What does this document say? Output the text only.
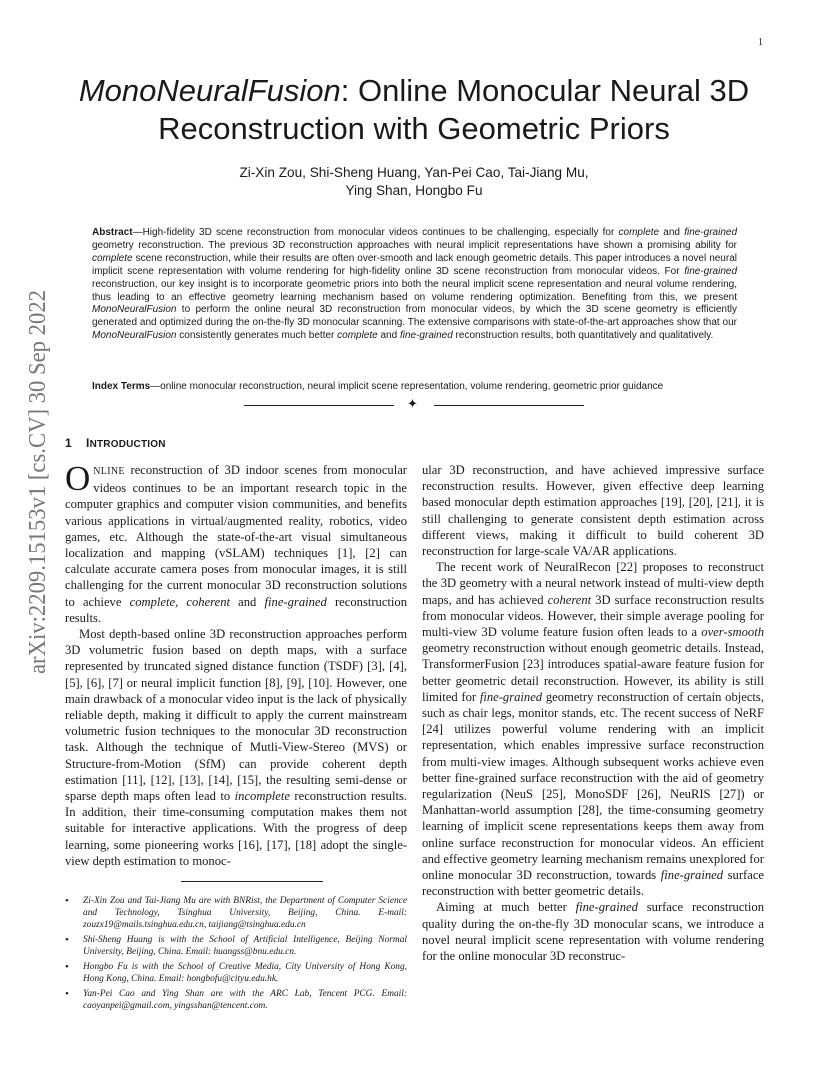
1
arXiv:2209.15153v1 [cs.CV] 30 Sep 2022
MonoNeuralFusion: Online Monocular Neural 3D Reconstruction with Geometric Priors
Zi-Xin Zou, Shi-Sheng Huang, Yan-Pei Cao, Tai-Jiang Mu,
Ying Shan, Hongbo Fu

Abstract—High-fidelity 3D scene reconstruction from monocular videos continues to be challenging, especially for complete and fine-grained geometry reconstruction. The previous 3D reconstruction approaches with neural implicit representations have shown a promising ability for complete scene reconstruction, while their results are often over-smooth and lack enough geometric details. This paper introduces a novel neural implicit scene representation with volume rendering for high-fidelity online 3D scene reconstruction from monocular videos. For fine-grained reconstruction, our key insight is to incorporate geometric priors into both the neural implicit scene representation and neural volume rendering, thus leading to an effective geometry learning mechanism based on volume rendering optimization. Benefiting from this, we present MonoNeuralFusion to perform the online neural 3D reconstruction from monocular videos, by which the 3D scene geometry is efficiently generated and optimized during the on-the-fly 3D monocular scanning. The extensive comparisons with state-of-the-art approaches show that our MonoNeuralFusion consistently generates much better complete and fine-grained reconstruction results, both quantitatively and qualitatively.

Index Terms—online monocular reconstruction, neural implicit scene representation, volume rendering, geometric prior guidance

✦
1 INTRODUCTION

ONLINE reconstruction of 3D indoor scenes from monocular videos continues to be an important research topic in the computer graphics and computer vision communities, and benefits various applications in virtual/augmented reality, robotics, video games, etc. Although the state-of-the-art visual simultaneous localization and mapping (vSLAM) techniques [1], [2] can calculate accurate camera poses from monocular images, it is still challenging for the current monocular 3D reconstruction solutions to achieve complete, coherent and fine-grained reconstruction results.

Most depth-based online 3D reconstruction approaches perform 3D volumetric fusion based on depth maps, with a surface represented by truncated signed distance function (TSDF) [3], [4], [5], [6], [7] or neural implicit function [8], [9], [10]. However, one main drawback of a monocular video input is the lack of physically reliable depth, making it difficult to apply the current mainstream volumetric fusion techniques to the monocular 3D reconstruction task. Although the technique of Mutli-View-Stereo (MVS) or Structure-from-Motion (SfM) can provide coherent depth estimation [11], [12], [13], [14], [15], the resulting semi-dense or sparse depth maps often lead to incomplete reconstruction results. In addition, their time-consuming computation makes them not suitable for interactive applications. With the progress of deep learning, some pioneering works [16], [17], [18] adopt the single-view depth estimation to monoc-

• Zi-Xin Zou and Tai-Jiang Mu are with BNRist, the Department of Computer Science and Technology, Tsinghua University, Beijing, China. E-mail: zouzx19@mails.tsinghua.edu.cn, taijiang@tsinghua.edu.cn
• Shi-Sheng Huang is with the School of Artificial Intelligence, Beijing Normal University, Beijing, China. Email: huangss@bnu.edu.cn.
• Hongbo Fu is with the School of Creative Media, City University of Hong Kong, Hong Kong, China. Email: hongbofu@cityu.edu.hk.
• Yan-Pei Cao and Ying Shan are with the ARC Lab, Tencent PCG. Email: caoyanpei@gmail.com, yingsshan@tencent.com.

ular 3D reconstruction, and have achieved impressive surface reconstruction results. However, given effective deep learning based monocular depth estimation approaches [19], [20], [21], it is still challenging to generate consistent depth estimation across different views, making it difficult to build coherent 3D reconstruction for large-scale VA/AR applications.

The recent work of NeuralRecon [22] proposes to reconstruct the 3D geometry with a neural network instead of multi-view depth maps, and has achieved coherent 3D surface reconstruction results from monocular videos. However, their simple average pooling for multi-view 3D volume feature fusion often leads to a over-smooth geometry reconstruction without enough geometric details. Instead, TransformerFusion [23] introduces spatial-aware feature fusion for better geometric detail reconstruction. However, its ability is still limited for fine-grained geometry reconstruction of certain objects, such as chair legs, monitor stands, etc. The recent success of NeRF [24] utilizes powerful volume rendering with an implicit representation, which enables impressive surface reconstruction from multi-view images. Although subsequent works achieve even better fine-grained surface reconstruction with the aid of geometry regularization (NeuS [25], MonoSDF [26], NeuRIS [27]) or Manhattan-world assumption [28], the time-consuming geometry learning of implicit scene representations keeps them away from online surface reconstruction for monocular videos. An efficient and effective geometry learning mechanism remains unexplored for online monocular 3D reconstruction, towards fine-grained surface reconstruction with better geometric details.

Aiming at much better fine-grained surface reconstruction quality during the on-the-fly 3D monocular scans, we introduce a novel neural implicit scene representation with volume rendering for the online monocular 3D reconstruc-
